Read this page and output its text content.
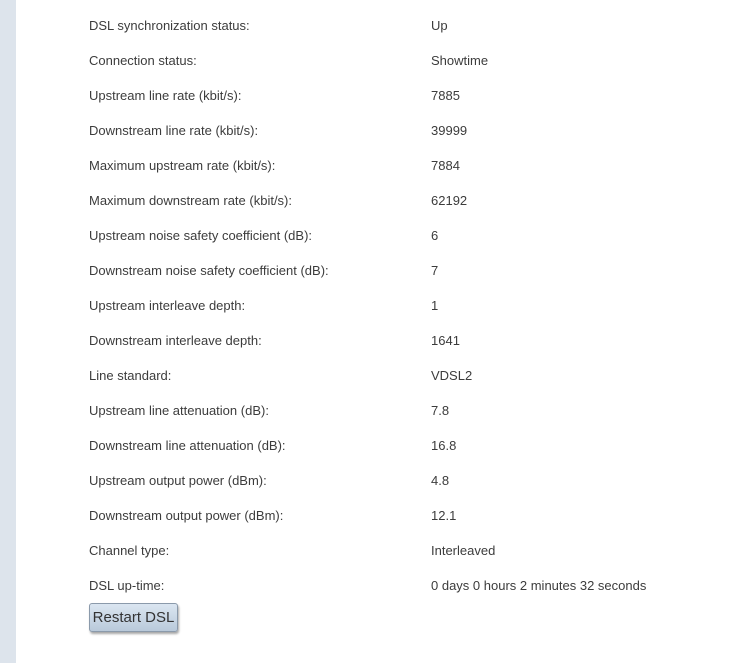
DSL synchronization status:	Up
Connection status:	Showtime
Upstream line rate (kbit/s):	7885
Downstream line rate (kbit/s):	39999
Maximum upstream rate (kbit/s):	7884
Maximum downstream rate (kbit/s):	62192
Upstream noise safety coefficient (dB):	6
Downstream noise safety coefficient (dB):	7
Upstream interleave depth:	1
Downstream interleave depth:	1641
Line standard:	VDSL2
Upstream line attenuation (dB):	7.8
Downstream line attenuation (dB):	16.8
Upstream output power (dBm):	4.8
Downstream output power (dBm):	12.1
Channel type:	Interleaved
DSL up-time:	0 days 0 hours 2 minutes 32 seconds
Restart DSL
